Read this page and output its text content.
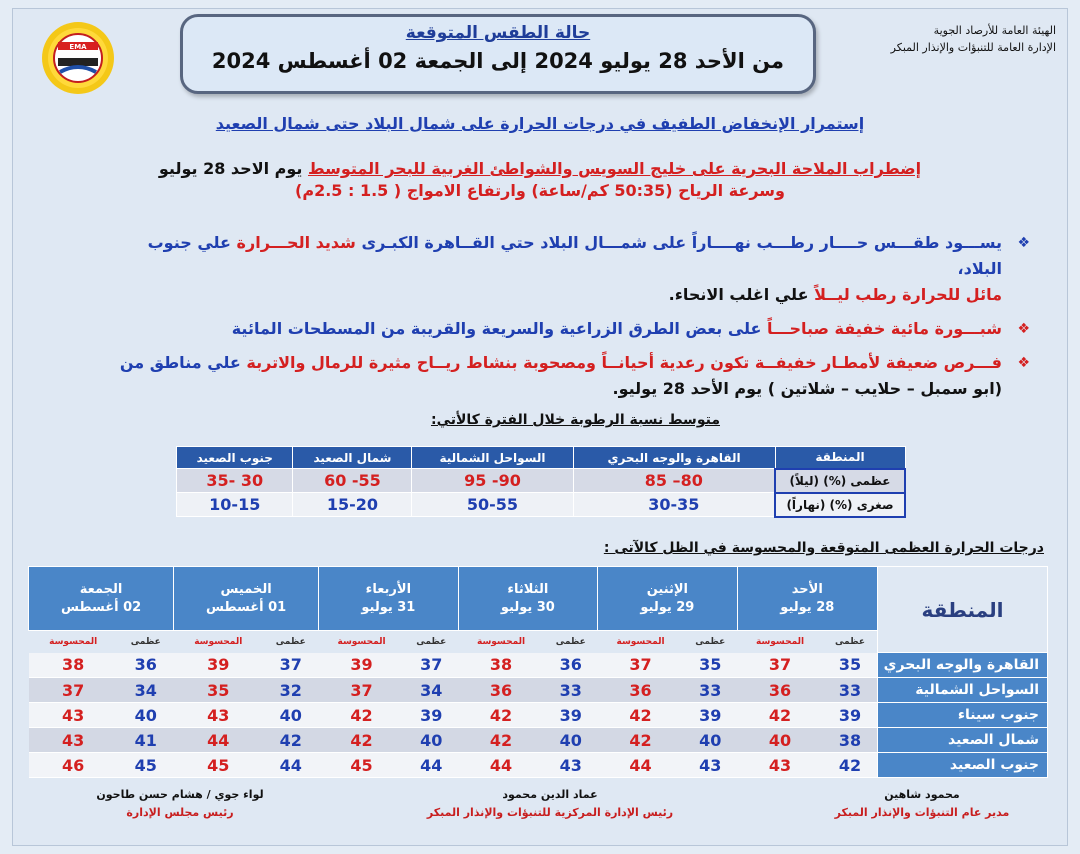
EMA
حالة الطقس المتوقعة
من الأحد 28 يوليو 2024 إلى الجمعة 02 أغسطس 2024
الهيئة العامة للأرصاد الجوية
الإدارة العامة للتنبؤات والإنذار المبكر
إستمرار الإنخفاض الطفيف في درجات الحرارة على شمال البلاد حتى شمال الصعيد
إضطراب الملاحة البحرية على خليج السويس والشواطئ الغربية للبحر المتوسط يوم الاحد 28 يوليو
وسرعة الرياح (50:35 كم/ساعة) وارتفاع الامواج ( 1.5 : 2.5م)
❖
يســـود طقـــس حــــار رطـــب نهــــاراً على شمـــال البلاد حتي القــاهرة الكبـرى شديد الحـــرارة علي جنوب البلاد،
مائل للحرارة رطب ليــلاً علي اغلب الانحاء.
❖
شبـــورة مائية خفيفة صباحـــاً على بعض الطرق الزراعية والسريعة والقريبة من المسطحات المائية
❖
فـــرص ضعيفة لأمطـار خفيفــة تكون رعدية أحيانــاً ومصحوبة بنشاط ريــاح مثيرة للرمال والاتربة علي مناطق من
(ابو سمبل – حلايب – شلاتين ) يوم الأحد 28 يوليو.
متوسط نسبة الرطوبة خلال الفترة كالأتي:
المنطقة	القاهرة والوجه البحري	السواحل الشمالية	شمال الصعيد	جنوب الصعيد
عظمى (%) (ليلاً)	80– 85	90- 95	55- 60	30 -35
صغرى (%) (نهاراً)	30-35	50-55	15-20	10-15
درجات الحرارة العظمى المتوقعة والمحسوسة في الظل كالآتى :
المنطقة	الأحد
28 يوليو		الإثنين
29 يوليو		الثلاثاء
30 يوليو		الأربعاء
31 يوليو		الخميس
01 أغسطس		الجمعة
02 أغسطس	
	عظمى	المحسوسة	عظمى	المحسوسة	عظمى	المحسوسة	عظمى	المحسوسة	عظمى	المحسوسة	عظمى	المحسوسة
القاهرة والوجه البحري	35	37	35	37	36	38	37	39	37	39	36	38
السواحل الشمالية	33	36	33	36	33	36	34	37	32	35	34	37
جنوب سيناء	39	42	39	42	39	42	39	42	40	43	40	43
شمال الصعيد	38	40	40	42	40	42	40	42	42	44	41	43
جنوب الصعيد	42	43	43	44	43	44	44	45	44	45	45	46
محمود شاهين
مدير عام التنبؤات والإنذار المبكر
عماد الدين محمود
رئيس الإدارة المركزية للتنبؤات والإنذار المبكر
لواء جوي / هشام حسن طاحون
رئيس مجلس الإدارة
